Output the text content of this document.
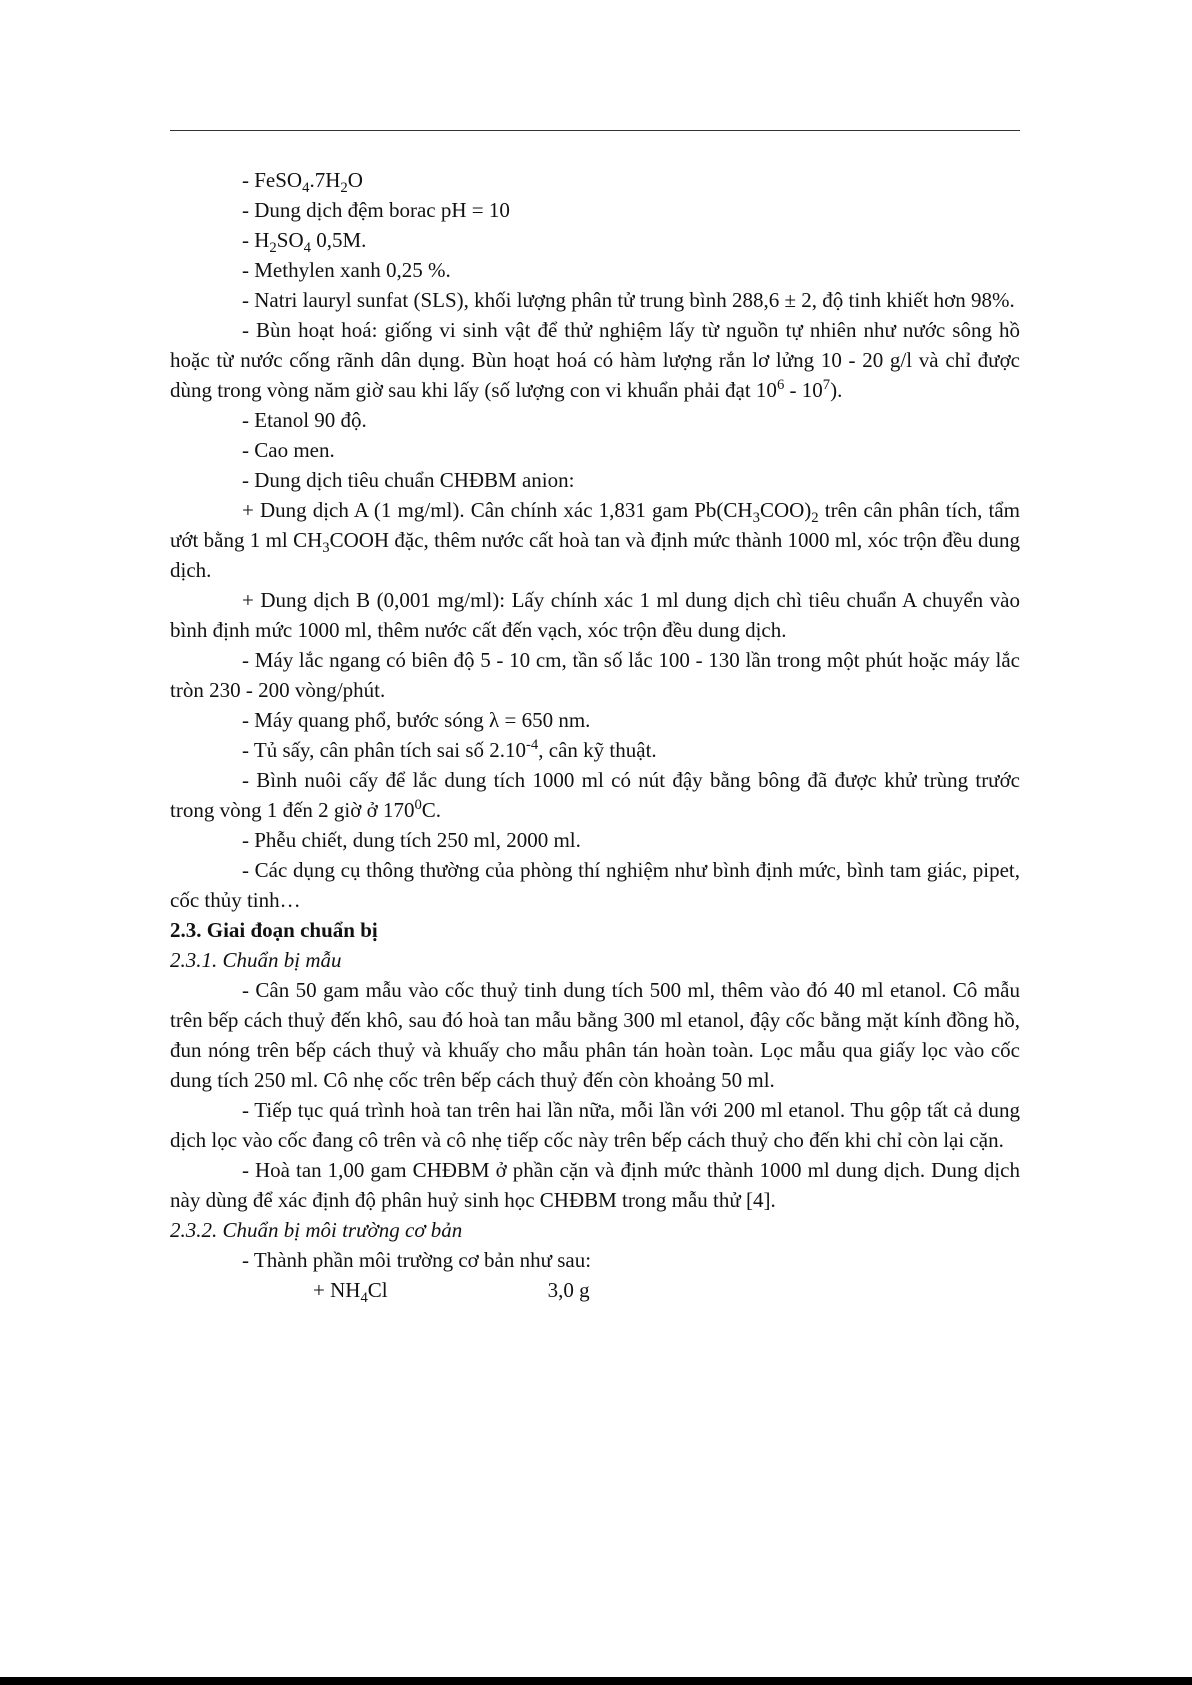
- $FeSO_4.7H_2O$

- Dung dịch đệm borac pH = 10

- $H_2SO_4$ 0,5M.

- Methylen xanh 0,25 %.

- Natri lauryl sunfat (SLS), khối lượng phân tử trung bình 288,6 ± 2, độ tinh khiết hơn 98%.

- Bùn hoạt hoá: giống vi sinh vật để thử nghiệm lấy từ nguồn tự nhiên như nước sông hồ hoặc từ nước cống rãnh dân dụng. Bùn hoạt hoá có hàm lượng rắn lơ lửng 10 - 20 g/l và chỉ được dùng trong vòng năm giờ sau khi lấy (số lượng con vi khuẩn phải đạt $10^6 - 10^7$).

- Etanol 90 độ.

- Cao men.

- Dung dịch tiêu chuẩn CHĐBM anion:

+ Dung dịch A (1 mg/ml). Cân chính xác 1,831 gam $Pb(CH_3COO)_2$ trên cân phân tích, tẩm ướt bằng 1 ml $CH_3COOH$ đặc, thêm nước cất hoà tan và định mức thành 1000 ml, xóc trộn đều dung dịch.

+ Dung dịch B (0,001 mg/ml): Lấy chính xác 1 ml dung dịch chì tiêu chuẩn A chuyển vào bình định mức 1000 ml, thêm nước cất đến vạch, xóc trộn đều dung dịch.

- Máy lắc ngang có biên độ 5 - 10 cm, tần số lắc 100 - 130 lần trong một phút hoặc máy lắc tròn 230 - 200 vòng/phút.

- Máy quang phổ, bước sóng λ = 650 nm.

- Tủ sấy, cân phân tích sai số $2.10^{-4}$, cân kỹ thuật.

- Bình nuôi cấy để lắc dung tích 1000 ml có nút đậy bằng bông đã được khử trùng trước trong vòng 1 đến 2 giờ ở $170^0C$.

- Phễu chiết, dung tích 250 ml, 2000 ml.

- Các dụng cụ thông thường của phòng thí nghiệm như bình định mức, bình tam giác, pipet, cốc thủy tinh…

2.3. Giai đoạn chuẩn bị

2.3.1. Chuẩn bị mẫu

- Cân 50 gam mẫu vào cốc thuỷ tinh dung tích 500 ml, thêm vào đó 40 ml etanol. Cô mẫu trên bếp cách thuỷ đến khô, sau đó hoà tan mẫu bằng 300 ml etanol, đậy cốc bằng mặt kính đồng hồ, đun nóng trên bếp cách thuỷ và khuấy cho mẫu phân tán hoàn toàn. Lọc mẫu qua giấy lọc vào cốc dung tích 250 ml. Cô nhẹ cốc trên bếp cách thuỷ đến còn khoảng 50 ml.

- Tiếp tục quá trình hoà tan trên hai lần nữa, mỗi lần với 200 ml etanol. Thu gộp tất cả dung dịch lọc vào cốc đang cô trên và cô nhẹ tiếp cốc này trên bếp cách thuỷ cho đến khi chỉ còn lại cặn.

- Hoà tan 1,00 gam CHĐBM ở phần cặn và định mức thành 1000 ml dung dịch. Dung dịch này dùng để xác định độ phân huỷ sinh học CHĐBM trong mẫu thử [4].

2.3.2. Chuẩn bị môi trường cơ bản

- Thành phần môi trường cơ bản như sau:

+ $NH_4Cl$	3,0 g
